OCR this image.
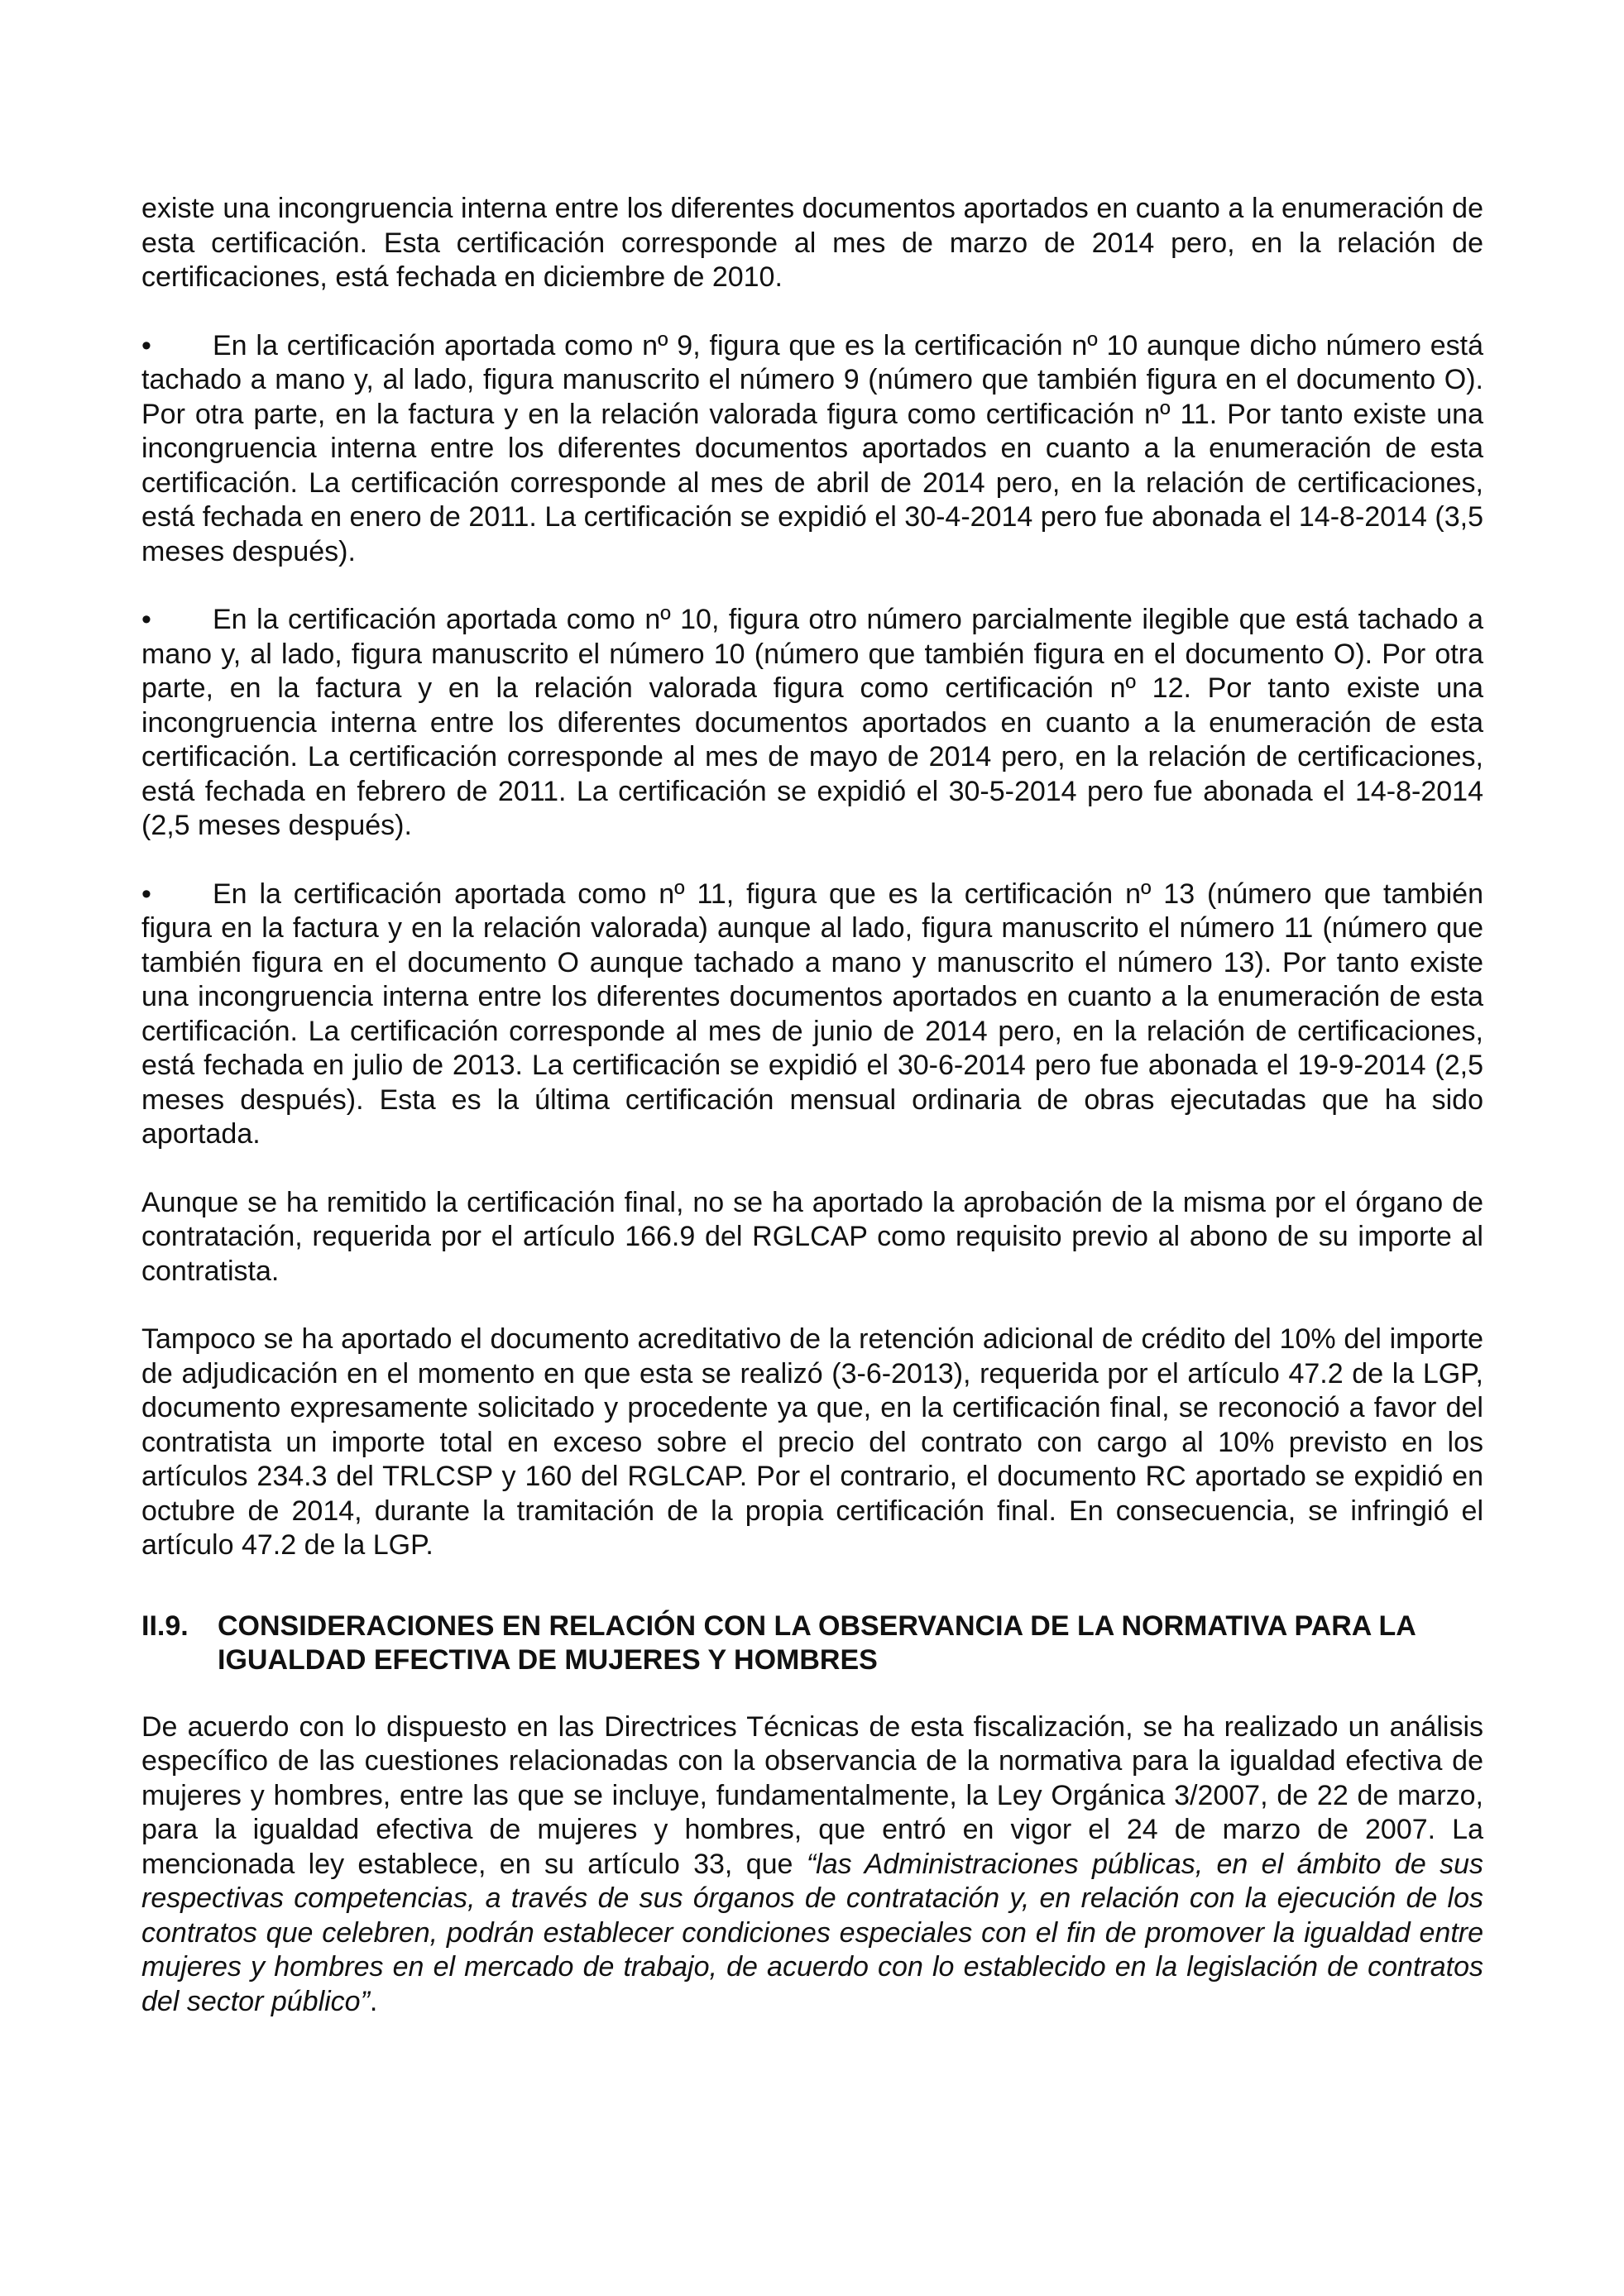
existe una incongruencia interna entre los diferentes documentos aportados en cuanto a la enumeración de esta certificación. Esta certificación corresponde al mes de marzo de 2014 pero, en la relación de certificaciones, está fechada en diciembre de 2010.

• En la certificación aportada como nº 9, figura que es la certificación nº 10 aunque dicho número está tachado a mano y, al lado, figura manuscrito el número 9 (número que también figura en el documento O). Por otra parte, en la factura y en la relación valorada figura como certificación nº 11. Por tanto existe una incongruencia interna entre los diferentes documentos aportados en cuanto a la enumeración de esta certificación. La certificación corresponde al mes de abril de 2014 pero, en la relación de certificaciones, está fechada en enero de 2011. La certificación se expidió el 30-4-2014 pero fue abonada el 14-8-2014 (3,5 meses después).

• En la certificación aportada como nº 10, figura otro número parcialmente ilegible que está tachado a mano y, al lado, figura manuscrito el número 10 (número que también figura en el documento O). Por otra parte, en la factura y en la relación valorada figura como certificación nº 12. Por tanto existe una incongruencia interna entre los diferentes documentos aportados en cuanto a la enumeración de esta certificación. La certificación corresponde al mes de mayo de 2014 pero, en la relación de certificaciones, está fechada en febrero de 2011. La certificación se expidió el 30-5-2014 pero fue abonada el 14-8-2014 (2,5 meses después).

• En la certificación aportada como nº 11, figura que es la certificación nº 13 (número que también figura en la factura y en la relación valorada) aunque al lado, figura manuscrito el número 11 (número que también figura en el documento O aunque tachado a mano y manuscrito el número 13). Por tanto existe una incongruencia interna entre los diferentes documentos aportados en cuanto a la enumeración de esta certificación. La certificación corresponde al mes de junio de 2014 pero, en la relación de certificaciones, está fechada en julio de 2013. La certificación se expidió el 30-6-2014 pero fue abonada el 19-9-2014 (2,5 meses después). Esta es la última certificación mensual ordinaria de obras ejecutadas que ha sido aportada.

Aunque se ha remitido la certificación final, no se ha aportado la aprobación de la misma por el órgano de contratación, requerida por el artículo 166.9 del RGLCAP como requisito previo al abono de su importe al contratista.

Tampoco se ha aportado el documento acreditativo de la retención adicional de crédito del 10% del importe de adjudicación en el momento en que esta se realizó (3-6-2013), requerida por el artículo 47.2 de la LGP, documento expresamente solicitado y procedente ya que, en la certificación final, se reconoció a favor del contratista un importe total en exceso sobre el precio del contrato con cargo al 10% previsto en los artículos 234.3 del TRLCSP y 160 del RGLCAP. Por el contrario, el documento RC aportado se expidió en octubre de 2014, durante la tramitación de la propia certificación final. En consecuencia, se infringió el artículo 47.2 de la LGP.

II.9.	CONSIDERACIONES EN RELACIÓN CON LA OBSERVANCIA DE LA NORMATIVA PARA LA IGUALDAD EFECTIVA DE MUJERES Y HOMBRES

De acuerdo con lo dispuesto en las Directrices Técnicas de esta fiscalización, se ha realizado un análisis específico de las cuestiones relacionadas con la observancia de la normativa para la igualdad efectiva de mujeres y hombres, entre las que se incluye, fundamentalmente, la Ley Orgánica 3/2007, de 22 de marzo, para la igualdad efectiva de mujeres y hombres, que entró en vigor el 24 de marzo de 2007. La mencionada ley establece, en su artículo 33, que “las Administraciones públicas, en el ámbito de sus respectivas competencias, a través de sus órganos de contratación y, en relación con la ejecución de los contratos que celebren, podrán establecer condiciones especiales con el fin de promover la igualdad entre mujeres y hombres en el mercado de trabajo, de acuerdo con lo establecido en la legislación de contratos del sector público”.
